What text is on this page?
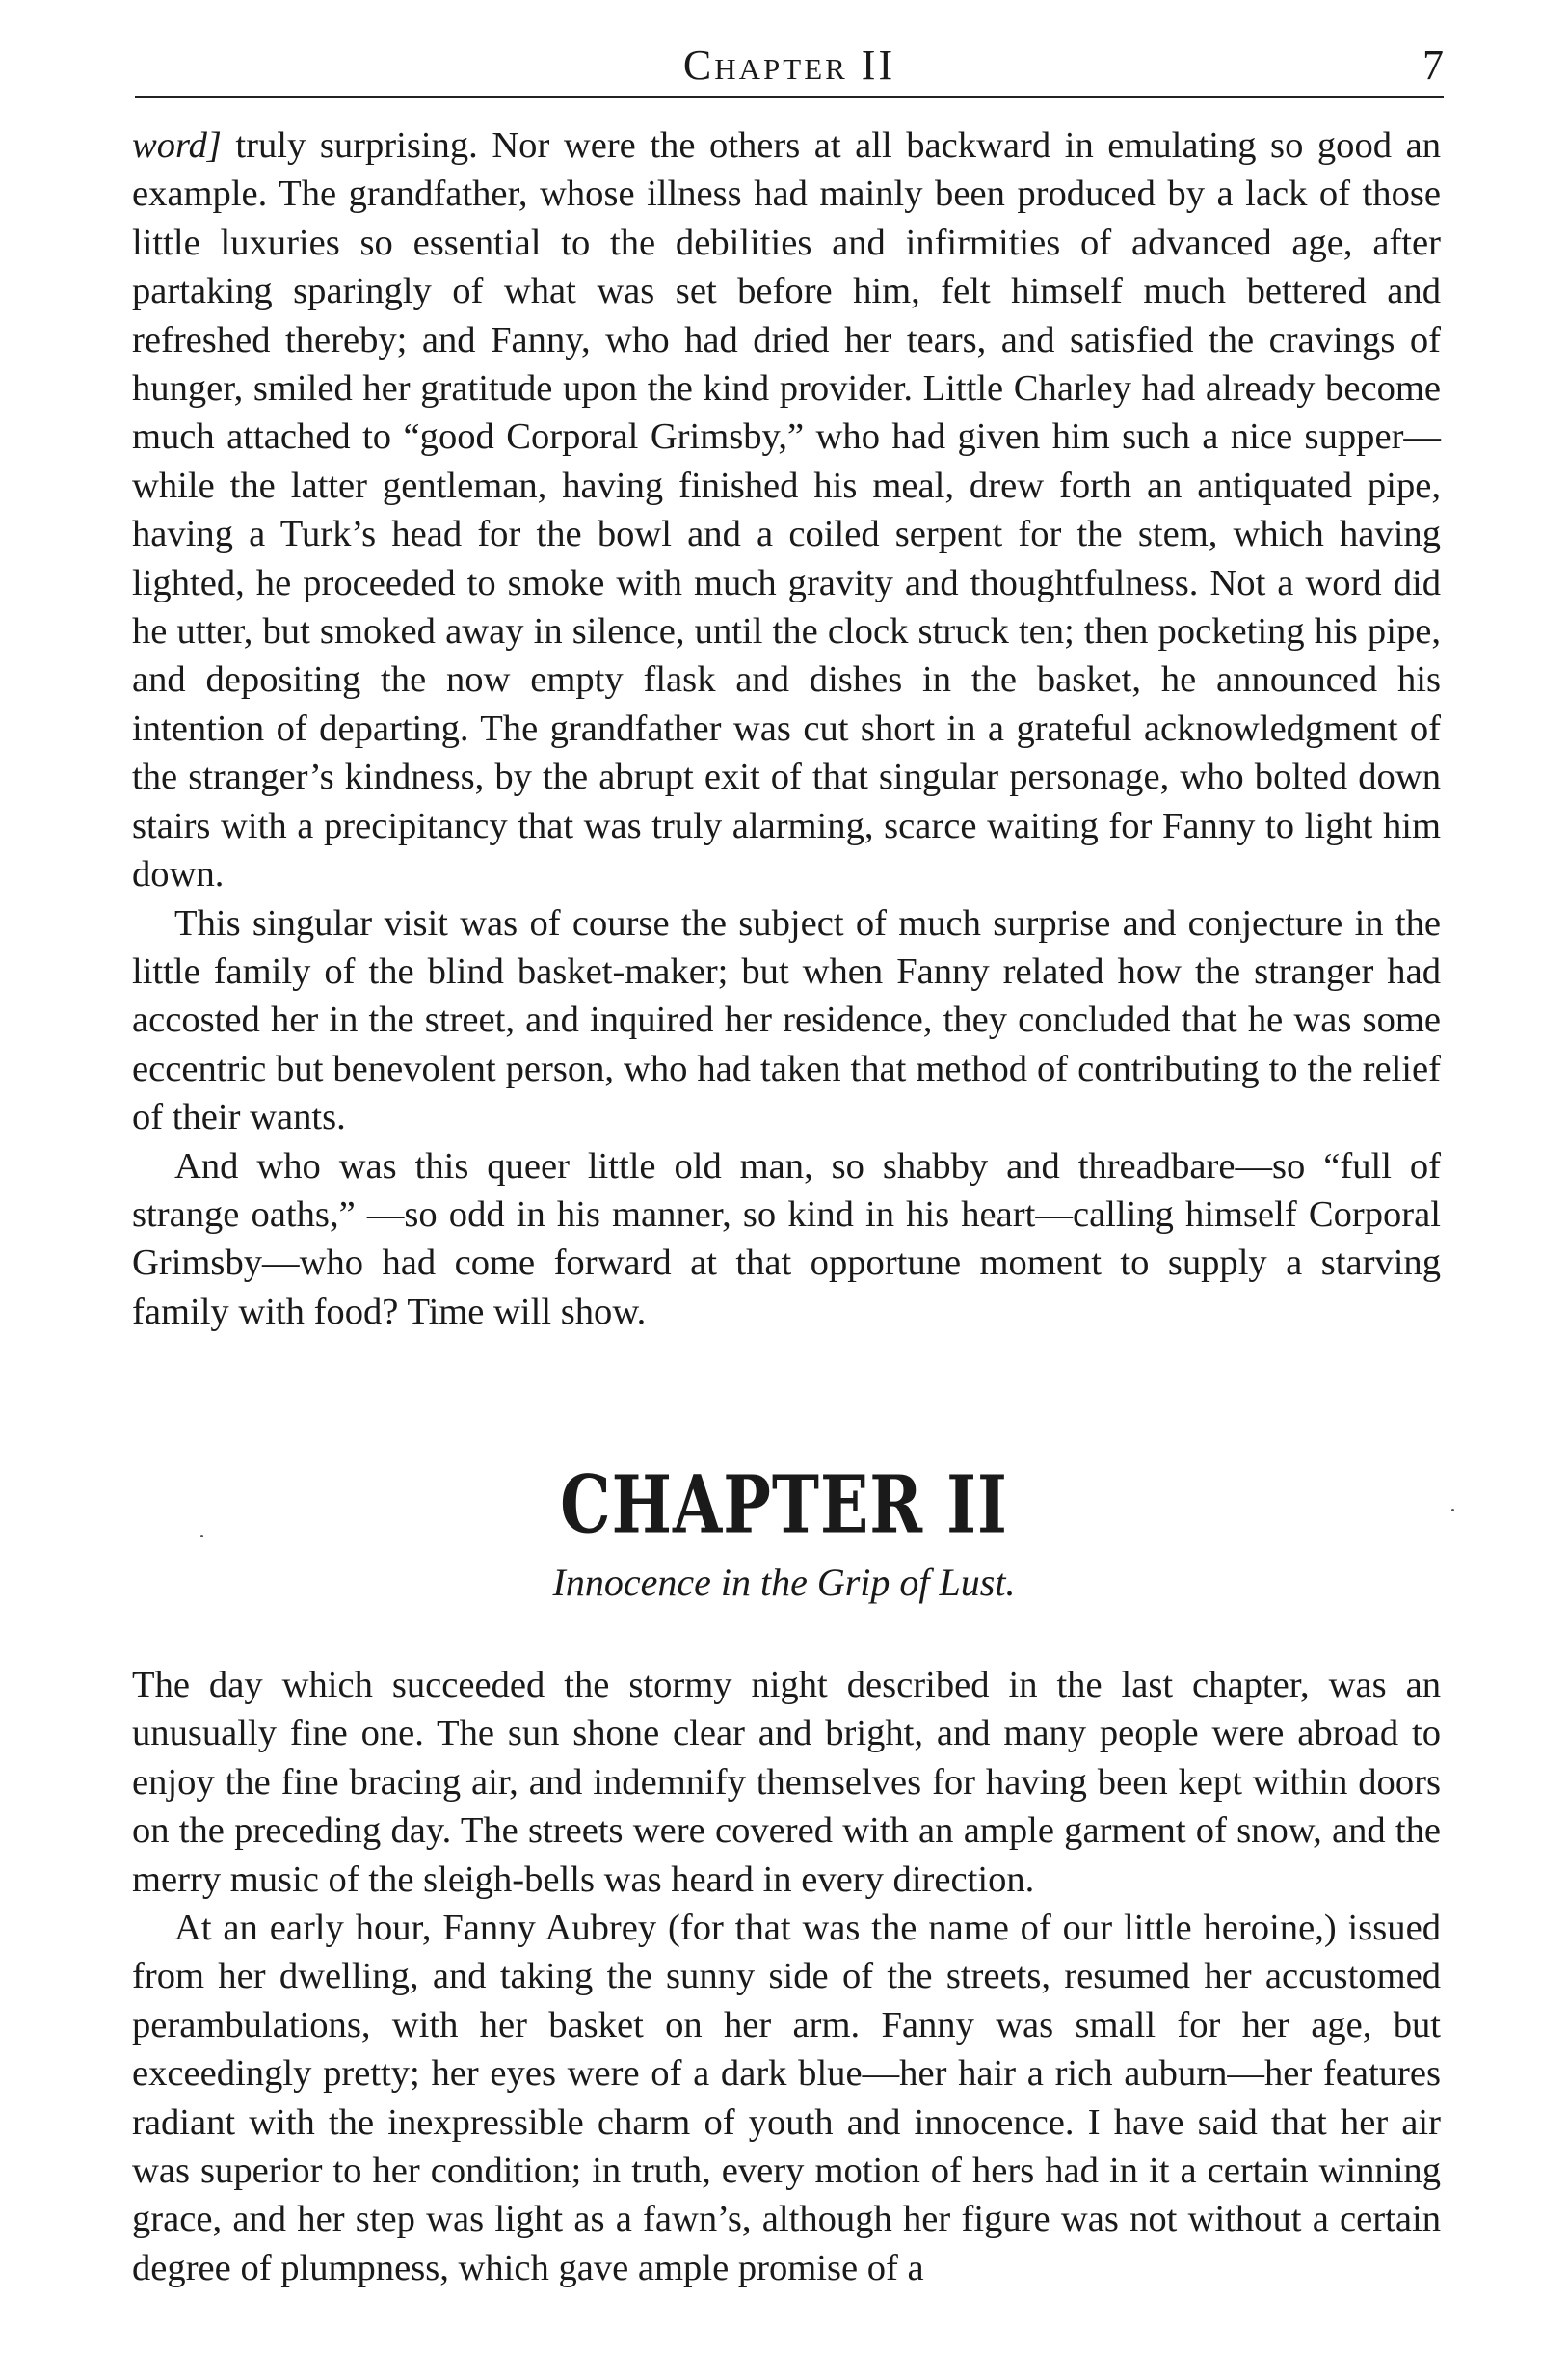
Chapter II	7

word] truly surprising. Nor were the others at all backward in emulating so good an example. The grandfather, whose illness had mainly been produced by a lack of those little luxuries so essential to the debilities and infirmities of advanced age, after partaking sparingly of what was set before him, felt himself much bettered and refreshed thereby; and Fanny, who had dried her tears, and satisfied the cravings of hunger, smiled her gratitude upon the kind provider. Little Charley had already become much attached to “good Corporal Grimsby,” who had given him such a nice supper—while the latter gentleman, having finished his meal, drew forth an antiquated pipe, having a Turk’s head for the bowl and a coiled serpent for the stem, which having lighted, he proceeded to smoke with much gravity and thoughtfulness. Not a word did he utter, but smoked away in silence, until the clock struck ten; then pocketing his pipe, and depositing the now empty flask and dishes in the basket, he announced his intention of departing. The grandfather was cut short in a grateful acknowledgment of the stranger’s kindness, by the abrupt exit of that singular personage, who bolted down stairs with a precipitancy that was truly alarming, scarce waiting for Fanny to light him down.

This singular visit was of course the subject of much surprise and conjecture in the little family of the blind basket-maker; but when Fanny related how the stranger had accosted her in the street, and inquired her residence, they concluded that he was some eccentric but benevolent person, who had taken that method of contributing to the relief of their wants.

And who was this queer little old man, so shabby and threadbare—so “full of strange oaths,” —so odd in his manner, so kind in his heart—calling himself Corporal Grimsby—who had come forward at that opportune moment to supply a starving family with food? Time will show.

CHAPTER II
Innocence in the Grip of Lust.

The day which succeeded the stormy night described in the last chapter, was an unusually fine one. The sun shone clear and bright, and many people were abroad to enjoy the fine bracing air, and indemnify themselves for having been kept within doors on the preceding day. The streets were covered with an ample garment of snow, and the merry music of the sleigh-bells was heard in every direction.

At an early hour, Fanny Aubrey (for that was the name of our little heroine,) issued from her dwelling, and taking the sunny side of the streets, resumed her accustomed perambulations, with her basket on her arm. Fanny was small for her age, but exceedingly pretty; her eyes were of a dark blue—her hair a rich auburn—her features radiant with the inexpressible charm of youth and innocence. I have said that her air was superior to her condition; in truth, every motion of hers had in it a certain winning grace, and her step was light as a fawn’s, although her figure was not without a certain degree of plumpness, which gave ample promise of a
